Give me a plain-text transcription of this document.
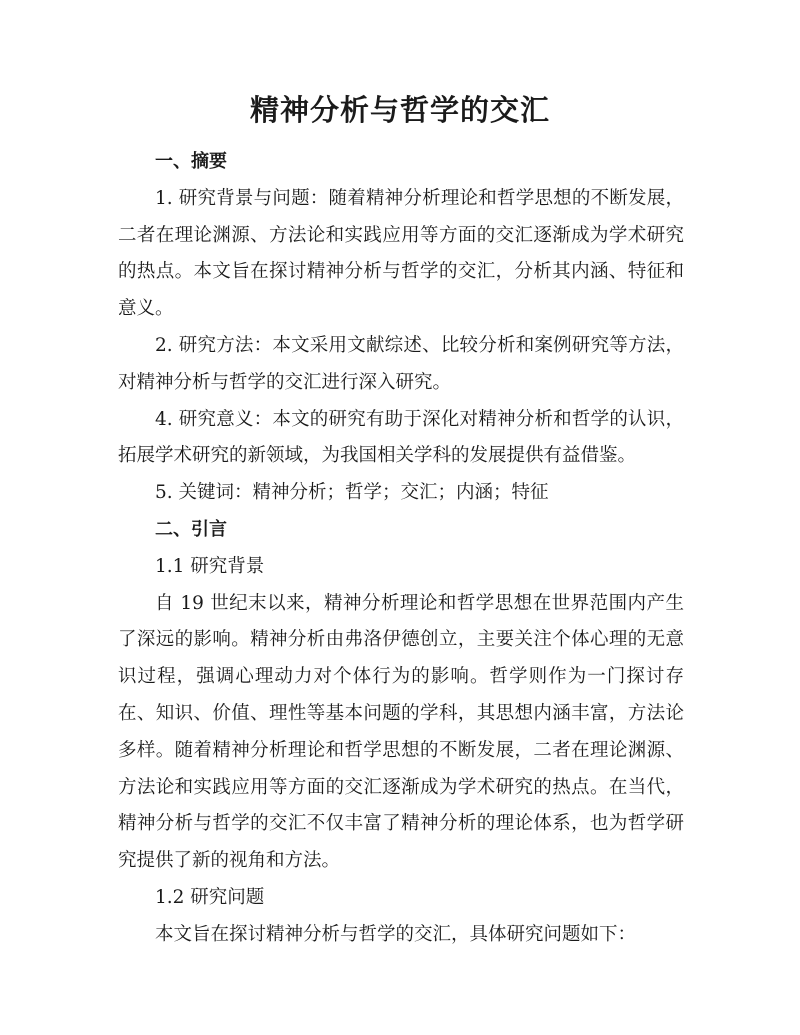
精神分析与哲学的交汇

一、摘要

1. 研究背景与问题：随着精神分析理论和哲学思想的不断发展，二者在理论渊源、方法论和实践应用等方面的交汇逐渐成为学术研究的热点。本文旨在探讨精神分析与哲学的交汇，分析其内涵、特征和意义。

2. 研究方法：本文采用文献综述、比较分析和案例研究等方法，对精神分析与哲学的交汇进行深入研究。

4. 研究意义：本文的研究有助于深化对精神分析和哲学的认识，拓展学术研究的新领域，为我国相关学科的发展提供有益借鉴。

5. 关键词：精神分析；哲学；交汇；内涵；特征

二、引言

1.1 研究背景

自 19 世纪末以来，精神分析理论和哲学思想在世界范围内产生了深远的影响。精神分析由弗洛伊德创立，主要关注个体心理的无意识过程，强调心理动力对个体行为的影响。哲学则作为一门探讨存在、知识、价值、理性等基本问题的学科，其思想内涵丰富，方法论多样。随着精神分析理论和哲学思想的不断发展，二者在理论渊源、方法论和实践应用等方面的交汇逐渐成为学术研究的热点。在当代，精神分析与哲学的交汇不仅丰富了精神分析的理论体系，也为哲学研究提供了新的视角和方法。

1.2 研究问题

本文旨在探讨精神分析与哲学的交汇，具体研究问题如下：
